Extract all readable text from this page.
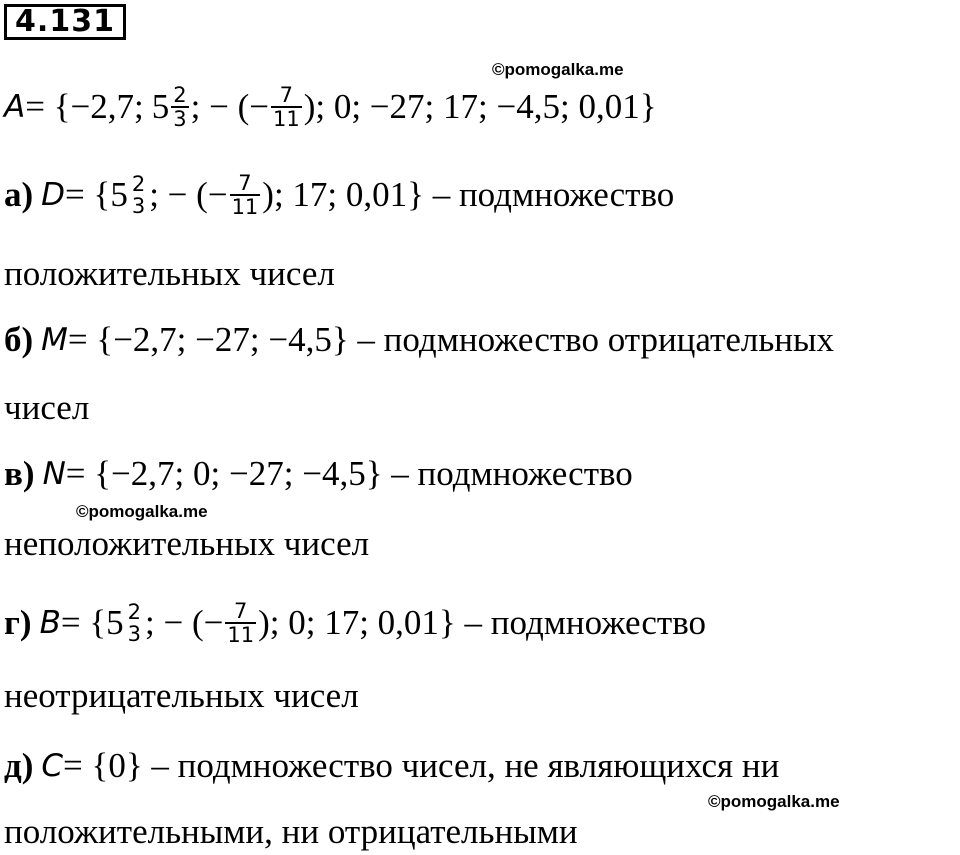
4.131
©pomogalka.me
©pomogalka.me
©pomogalka.me
A = {−2,7; $5 \frac{2}{3}$ ; − (− $\frac{7}{11}$ ); 0; −27; 17; −4,5; 0,01}
а) D = {5 2
3 ; − (− $\frac{7}{11}$ ); 17; 0,01} – подмножество
положительных чисел
б) M = {−2,7; −27; −4,5} – подмножество отрицательных
чисел
в) N = {−2,7; 0; −27; −4,5} – подмножество
неположительных чисел
г) B = {5 2
3 ; − (− $\frac{7}{11}$ ); 0; 17; 0,01} – подмножество
неотрицательных чисел
д) C = {0} – подмножество чисел, не являющихся ни
положительными, ни отрицательными
